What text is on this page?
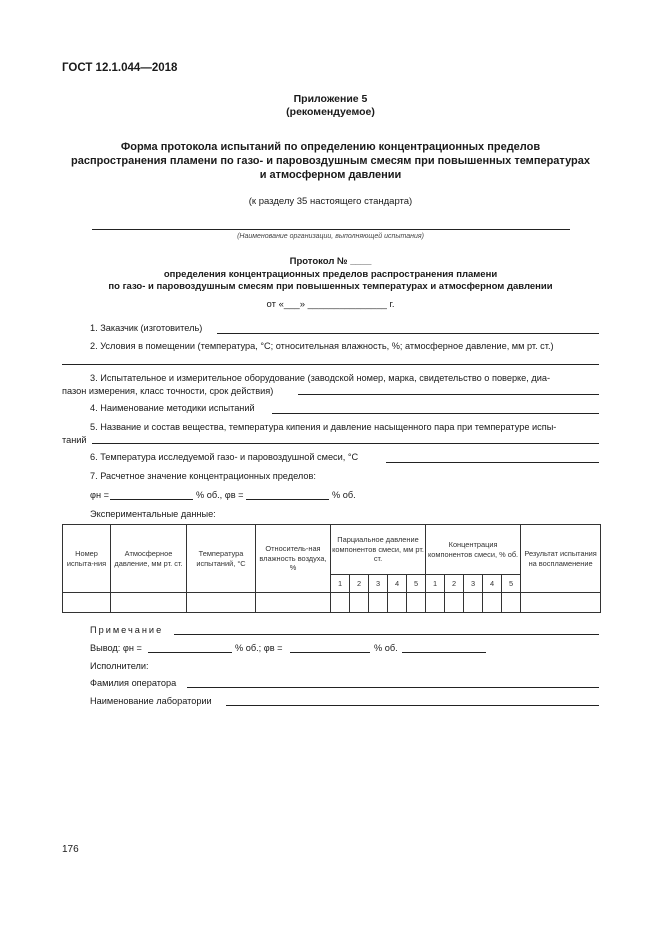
ГОСТ 12.1.044—2018
Приложение 5
(рекомендуемое)
Форма протокола испытаний по определению концентрационных пределов
распространения пламени по газо- и паровоздушным смесям при повышенных температурах
и атмосферном давлении
(к разделу 35 настоящего стандарта)
(Наименование организации, выполняющей испытания)
Протокол № ____
определения концентрационных пределов распространения пламени
по газо- и паровоздушным смесям при повышенных температурах и атмосферном давлении
от «___» _______________ г.
1. Заказчик (изготовитель)
2. Условия в помещении (температура, °С; относительная влажность, %; атмосферное давление, мм рт. ст.)
3. Испытательное и измерительное оборудование (заводской номер, марка, свидетельство о поверке, диа-
пазон измерения, класс точности, срок действия)
4. Наименование методики испытаний
5. Название и состав вещества, температура кипения и давление насыщенного пара при температуре испы-
таний
6. Температура исследуемой газо- и паровоздушной смеси, °С
7. Расчетное значение концентрационных пределов:
φн =	% об., φв =	% об.
Экспериментальные данные:
Номер испыта-ния	Атмосферное давление, мм рт. ст.	Температура испытаний, °С	Относитель-ная влажность воздуха, %	Парциальное давление компонентов смеси, мм рт. ст.					Концентрация компонентов смеси, % об.					Результат испытания на воспламенение
				1	2	3	4	5	1	2	3	4	5	

Примечание
Вывод: φн =	% об.; φв =	% об.
Исполнители:
Фамилия оператора
Наименование лаборатории
176
